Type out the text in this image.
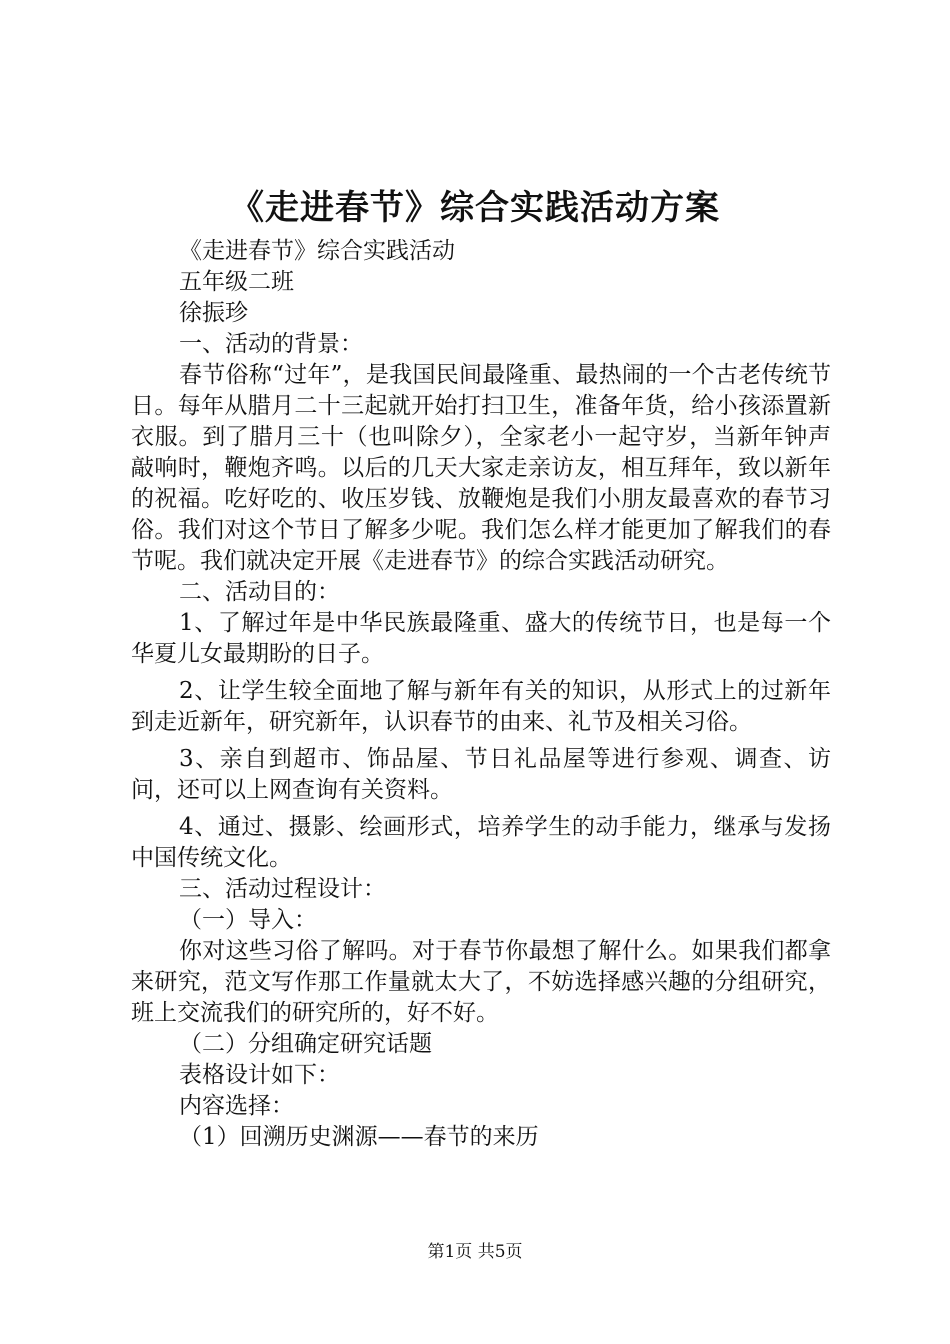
《走进春节》综合实践活动方案

《走进春节》综合实践活动

五年级二班

徐振珍

一、活动的背景：

春节俗称“过年”，是我国民间最隆重、最热闹的一个古老传统节日。每年从腊月二十三起就开始打扫卫生，准备年货，给小孩添置新衣服。到了腊月三十（也叫除夕），全家老小一起守岁，当新年钟声敲响时，鞭炮齐鸣。以后的几天大家走亲访友，相互拜年，致以新年的祝福。吃好吃的、收压岁钱、放鞭炮是我们小朋友最喜欢的春节习俗。我们对这个节日了解多少呢。我们怎么样才能更加了解我们的春节呢。我们就决定开展《走进春节》的综合实践活动研究。

二、活动目的：

1、了解过年是中华民族最隆重、盛大的传统节日，也是每一个华夏儿女最期盼的日子。

2、让学生较全面地了解与新年有关的知识，从形式上的过新年到走近新年，研究新年，认识春节的由来、礼节及相关习俗。

3、亲自到超市、饰品屋、节日礼品屋等进行参观、调查、访问，还可以上网查询有关资料。

4、通过、摄影、绘画形式，培养学生的动手能力，继承与发扬中国传统文化。

三、活动过程设计：

（一）导入：

你对这些习俗了解吗。对于春节你最想了解什么。如果我们都拿来研究，范文写作那工作量就太大了，不妨选择感兴趣的分组研究，班上交流我们的研究所的，好不好。

（二）分组确定研究话题

表格设计如下：

内容选择：

（1）回溯历史渊源——春节的来历

第1页 共5页
